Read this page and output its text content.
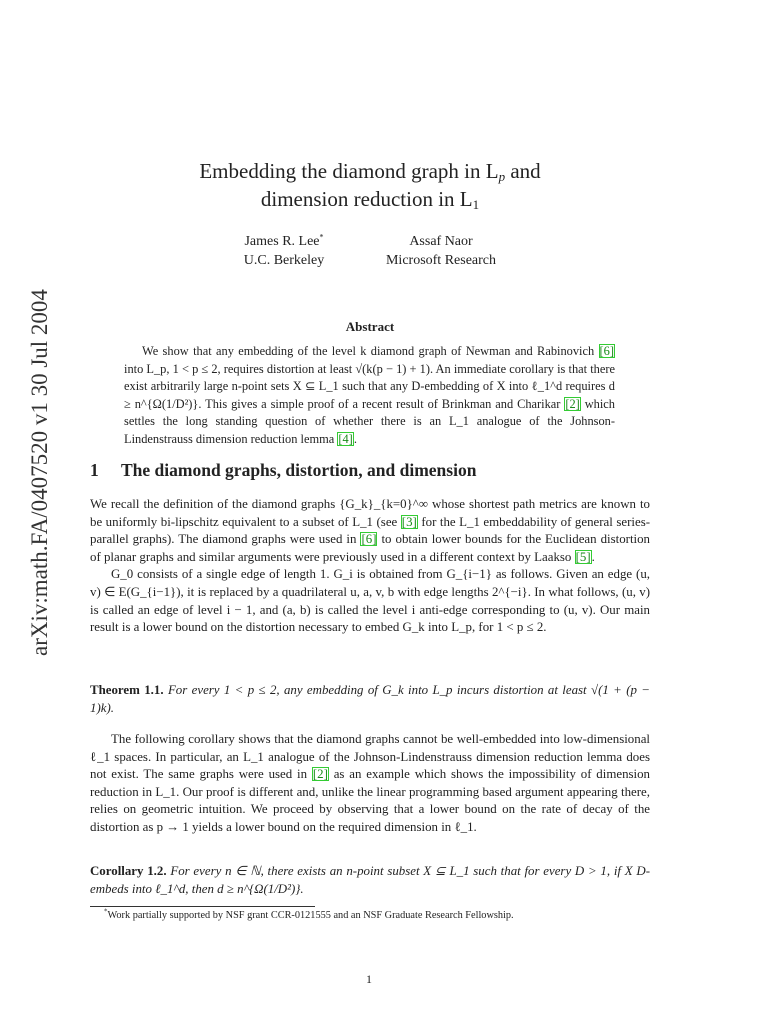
arXiv:math.FA/0407520 v1 30 Jul 2004
Embedding the diamond graph in $L_p$ and
dimension reduction in $L_1$
James R. Lee*
U.C. Berkeley
Assaf Naor
Microsoft Research
Abstract
We show that any embedding of the level k diamond graph of Newman and Rabinovich [6] into L_p, 1 < p ≤ 2, requires distortion at least √(k(p − 1) + 1). An immediate corollary is that there exist arbitrarily large n-point sets X ⊆ L_1 such that any D-embedding of X into ℓ_1^d requires d ≥ n^{Ω(1/D²)}. This gives a simple proof of a recent result of Brinkman and Charikar [2] which settles the long standing question of whether there is an L_1 analogue of the Johnson-Lindenstrauss dimension reduction lemma [4].
1 The diamond graphs, distortion, and dimension

We recall the definition of the diamond graphs {G_k}_{k=0}^∞ whose shortest path metrics are known to be uniformly bi-lipschitz equivalent to a subset of L_1 (see [3] for the L_1 embeddability of general series-parallel graphs). The diamond graphs were used in [6] to obtain lower bounds for the Euclidean distortion of planar graphs and similar arguments were previously used in a different context by Laakso [5].

G_0 consists of a single edge of length 1. G_i is obtained from G_{i−1} as follows. Given an edge (u, v) ∈ E(G_{i−1}), it is replaced by a quadrilateral u, a, v, b with edge lengths 2^{−i}. In what follows, (u, v) is called an edge of level i − 1, and (a, b) is called the level i anti-edge corresponding to (u, v). Our main result is a lower bound on the distortion necessary to embed G_k into L_p, for 1 < p ≤ 2.

Theorem 1.1. For every 1 < p ≤ 2, any embedding of G_k into L_p incurs distortion at least √(1 + (p − 1)k).
The following corollary shows that the diamond graphs cannot be well-embedded into low-dimensional ℓ_1 spaces. In particular, an L_1 analogue of the Johnson-Lindenstrauss dimension reduction lemma does not exist. The same graphs were used in [2] as an example which shows the impossibility of dimension reduction in L_1. Our proof is different and, unlike the linear programming based argument appearing there, relies on geometric intuition. We proceed by observing that a lower bound on the rate of decay of the distortion as p → 1 yields a lower bound on the required dimension in ℓ_1.
Corollary 1.2. For every n ∈ ℕ, there exists an n-point subset X ⊆ L_1 such that for every D > 1, if X D-embeds into ℓ_1^d, then d ≥ n^{Ω(1/D²)}.
*Work partially supported by NSF grant CCR-0121555 and an NSF Graduate Research Fellowship.
1
